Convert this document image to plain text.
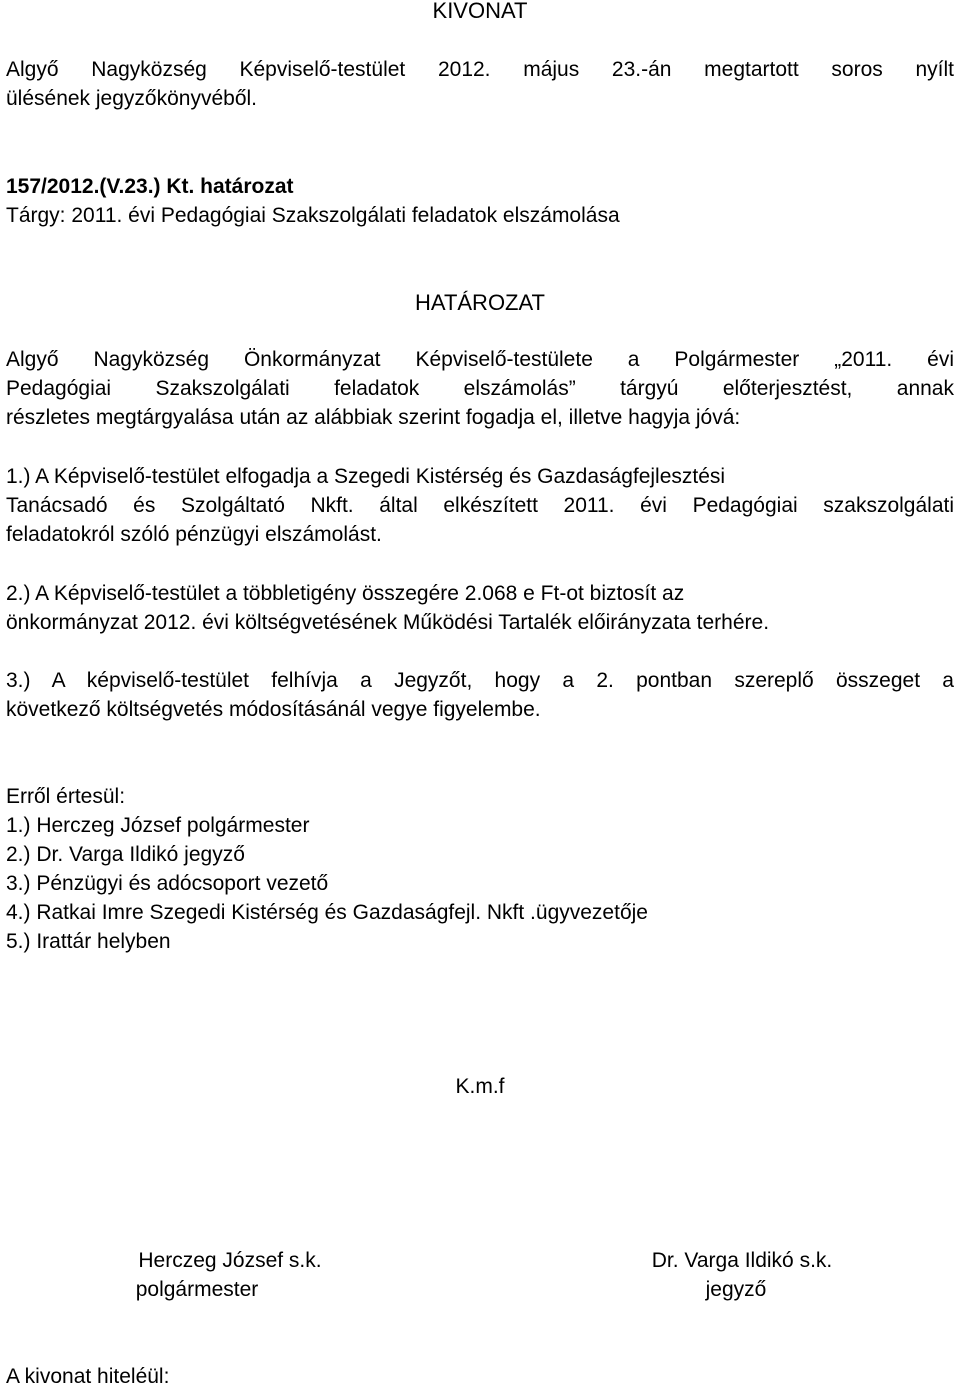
KIVONAT
Algyő Nagyközség Képviselő-testület 2012. május 23.-án megtartott soros nyílt
ülésének jegyzőkönyvéből.
157/2012.(V.23.) Kt. határozat
Tárgy: 2011. évi Pedagógiai Szakszolgálati feladatok elszámolása
HATÁROZAT
Algyő Nagyközség Önkormányzat Képviselő-testülete a Polgármester „2011. évi
Pedagógiai Szakszolgálati feladatok elszámolás” tárgyú előterjesztést, annak
részletes megtárgyalása után az alábbiak szerint fogadja el, illetve hagyja jóvá:
1.) A Képviselő-testület elfogadja a Szegedi Kistérség és Gazdaságfejlesztési
Tanácsadó és Szolgáltató Nkft. által elkészített 2011. évi Pedagógiai szakszolgálati
feladatokról szóló pénzügyi elszámolást.
2.) A Képviselő-testület a többletigény összegére 2.068 e Ft-ot biztosít az
önkormányzat 2012. évi költségvetésének Működési Tartalék előirányzata terhére.
3.) A képviselő-testület felhívja a Jegyzőt, hogy a 2. pontban szereplő összeget a
következő költségvetés módosításánál vegye figyelembe.
Erről értesül:
1.) Herczeg József polgármester
2.) Dr. Varga Ildikó jegyző
3.) Pénzügyi és adócsoport vezető
4.) Ratkai Imre Szegedi Kistérség és Gazdaságfejl. Nkft .ügyvezetője
5.) Irattár helyben
K.m.f
Herczeg József s.k.
polgármester
Dr. Varga Ildikó s.k.
jegyző
A kivonat hiteléül:
